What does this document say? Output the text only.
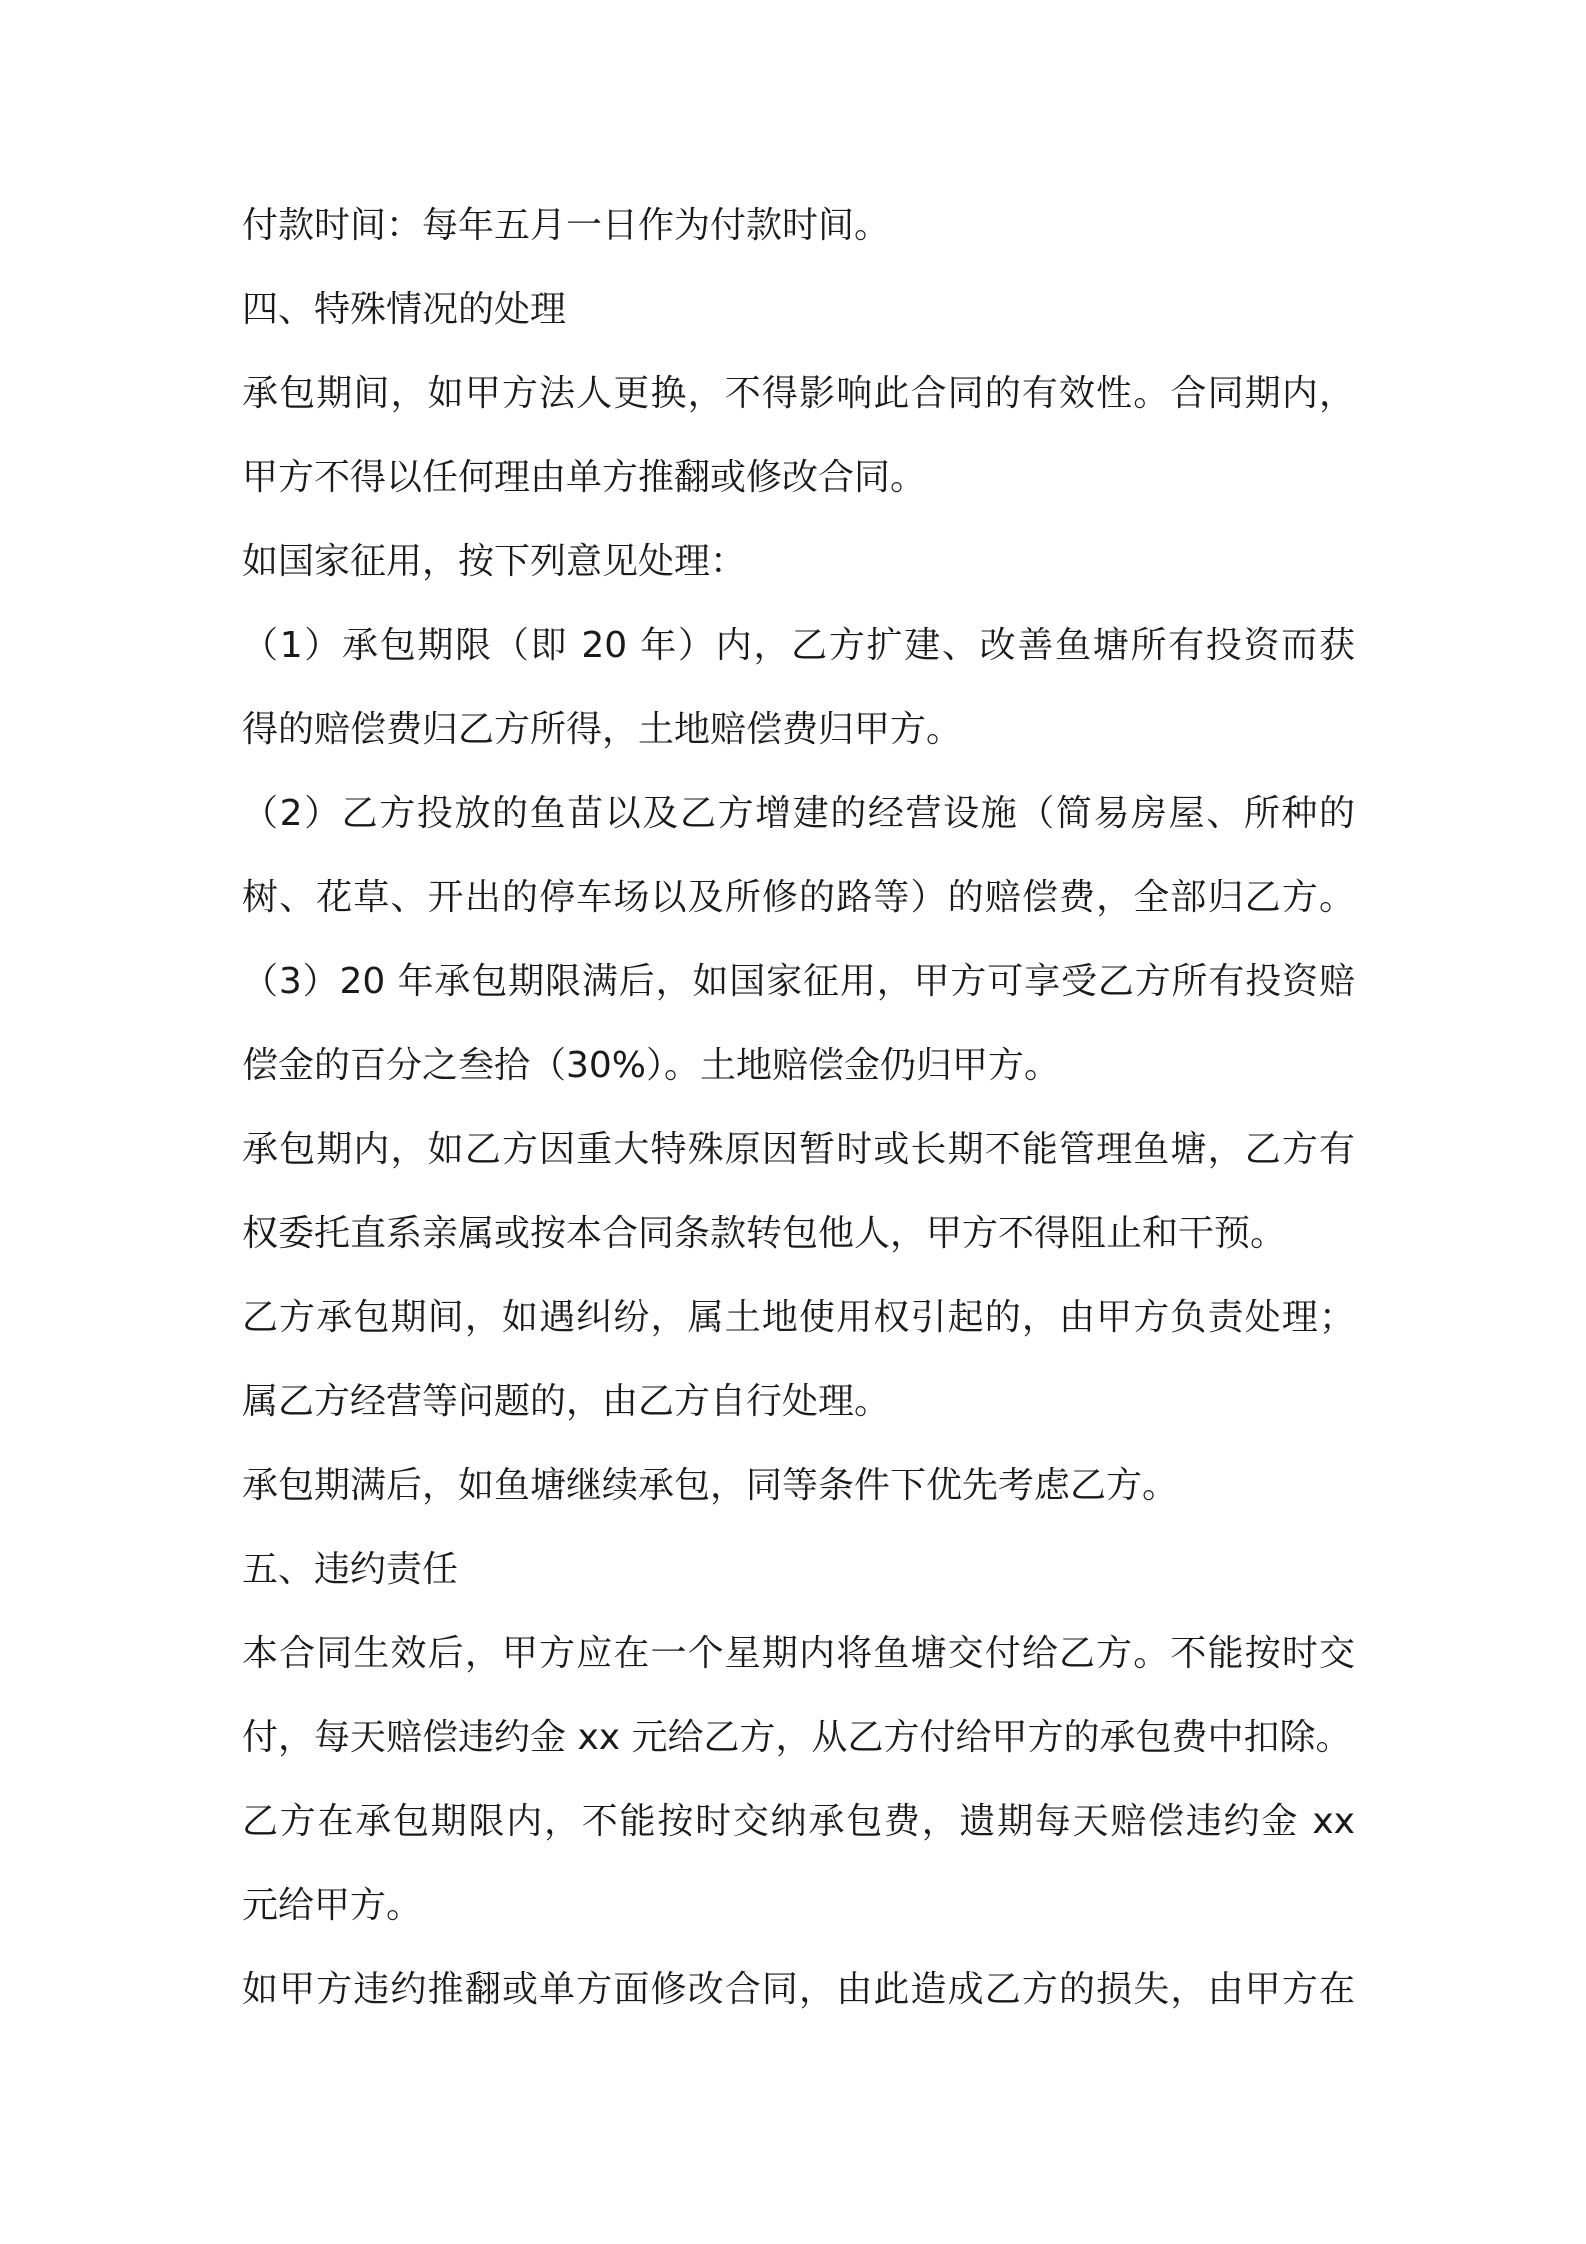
付款时间：每年五月一日作为付款时间。
四、特殊情况的处理
承包期间，如甲方法人更换，不得影响此合同的有效性。合同期内，
甲方不得以任何理由单方推翻或修改合同。
如国家征用，按下列意见处理：
（1）承包期限（即 20 年）内，乙方扩建、改善鱼塘所有投资而获
得的赔偿费归乙方所得，土地赔偿费归甲方。
（2）乙方投放的鱼苗以及乙方增建的经营设施（简易房屋、所种的
树、花草、开出的停车场以及所修的路等）的赔偿费，全部归乙方。
（3）20 年承包期限满后，如国家征用，甲方可享受乙方所有投资赔
偿金的百分之叁拾（30%）。土地赔偿金仍归甲方。
承包期内，如乙方因重大特殊原因暂时或长期不能管理鱼塘，乙方有
权委托直系亲属或按本合同条款转包他人，甲方不得阻止和干预。
乙方承包期间，如遇纠纷，属土地使用权引起的，由甲方负责处理；
属乙方经营等问题的，由乙方自行处理。
承包期满后，如鱼塘继续承包，同等条件下优先考虑乙方。
五、违约责任
本合同生效后，甲方应在一个星期内将鱼塘交付给乙方。不能按时交
付，每天赔偿违约金 xx 元给乙方，从乙方付给甲方的承包费中扣除。
乙方在承包期限内，不能按时交纳承包费，遗期每天赔偿违约金 xx
元给甲方。
如甲方违约推翻或单方面修改合同，由此造成乙方的损失，由甲方在
